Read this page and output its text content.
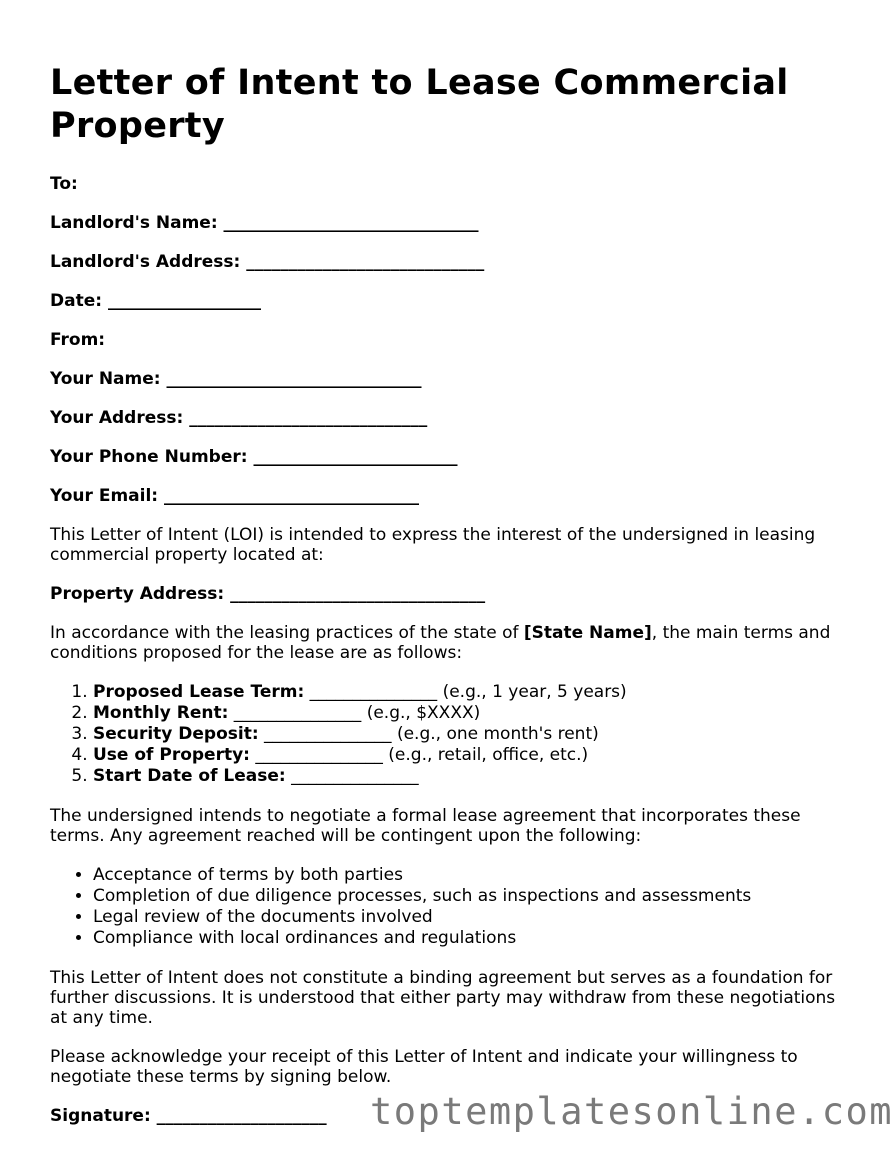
Letter of Intent to Lease Commercial Property
To:
Landlord's Name: ______________________________
Landlord's Address: ____________________________
Date: __________________
From:
Your Name: ______________________________
Your Address: ____________________________
Your Phone Number: ________________________
Your Email: ______________________________
This Letter of Intent (LOI) is intended to express the interest of the undersigned in leasing commercial property located at:
Property Address: ______________________________
In accordance with the leasing practices of the state of [State Name], the main terms and conditions proposed for the lease are as follows:
1. Proposed Lease Term: _______________ (e.g., 1 year, 5 years)
2. Monthly Rent: _______________ (e.g., $XXXX)
3. Security Deposit: _______________ (e.g., one month's rent)
4. Use of Property: _______________ (e.g., retail, office, etc.)
5. Start Date of Lease: _______________
The undersigned intends to negotiate a formal lease agreement that incorporates these terms. Any agreement reached will be contingent upon the following:
• Acceptance of terms by both parties
• Completion of due diligence processes, such as inspections and assessments
• Legal review of the documents involved
• Compliance with local ordinances and regulations
This Letter of Intent does not constitute a binding agreement but serves as a foundation for further discussions. It is understood that either party may withdraw from these negotiations at any time.
Please acknowledge your receipt of this Letter of Intent and indicate your willingness to negotiate these terms by signing below.
Signature: ____________________	toptemplatesonline.com
